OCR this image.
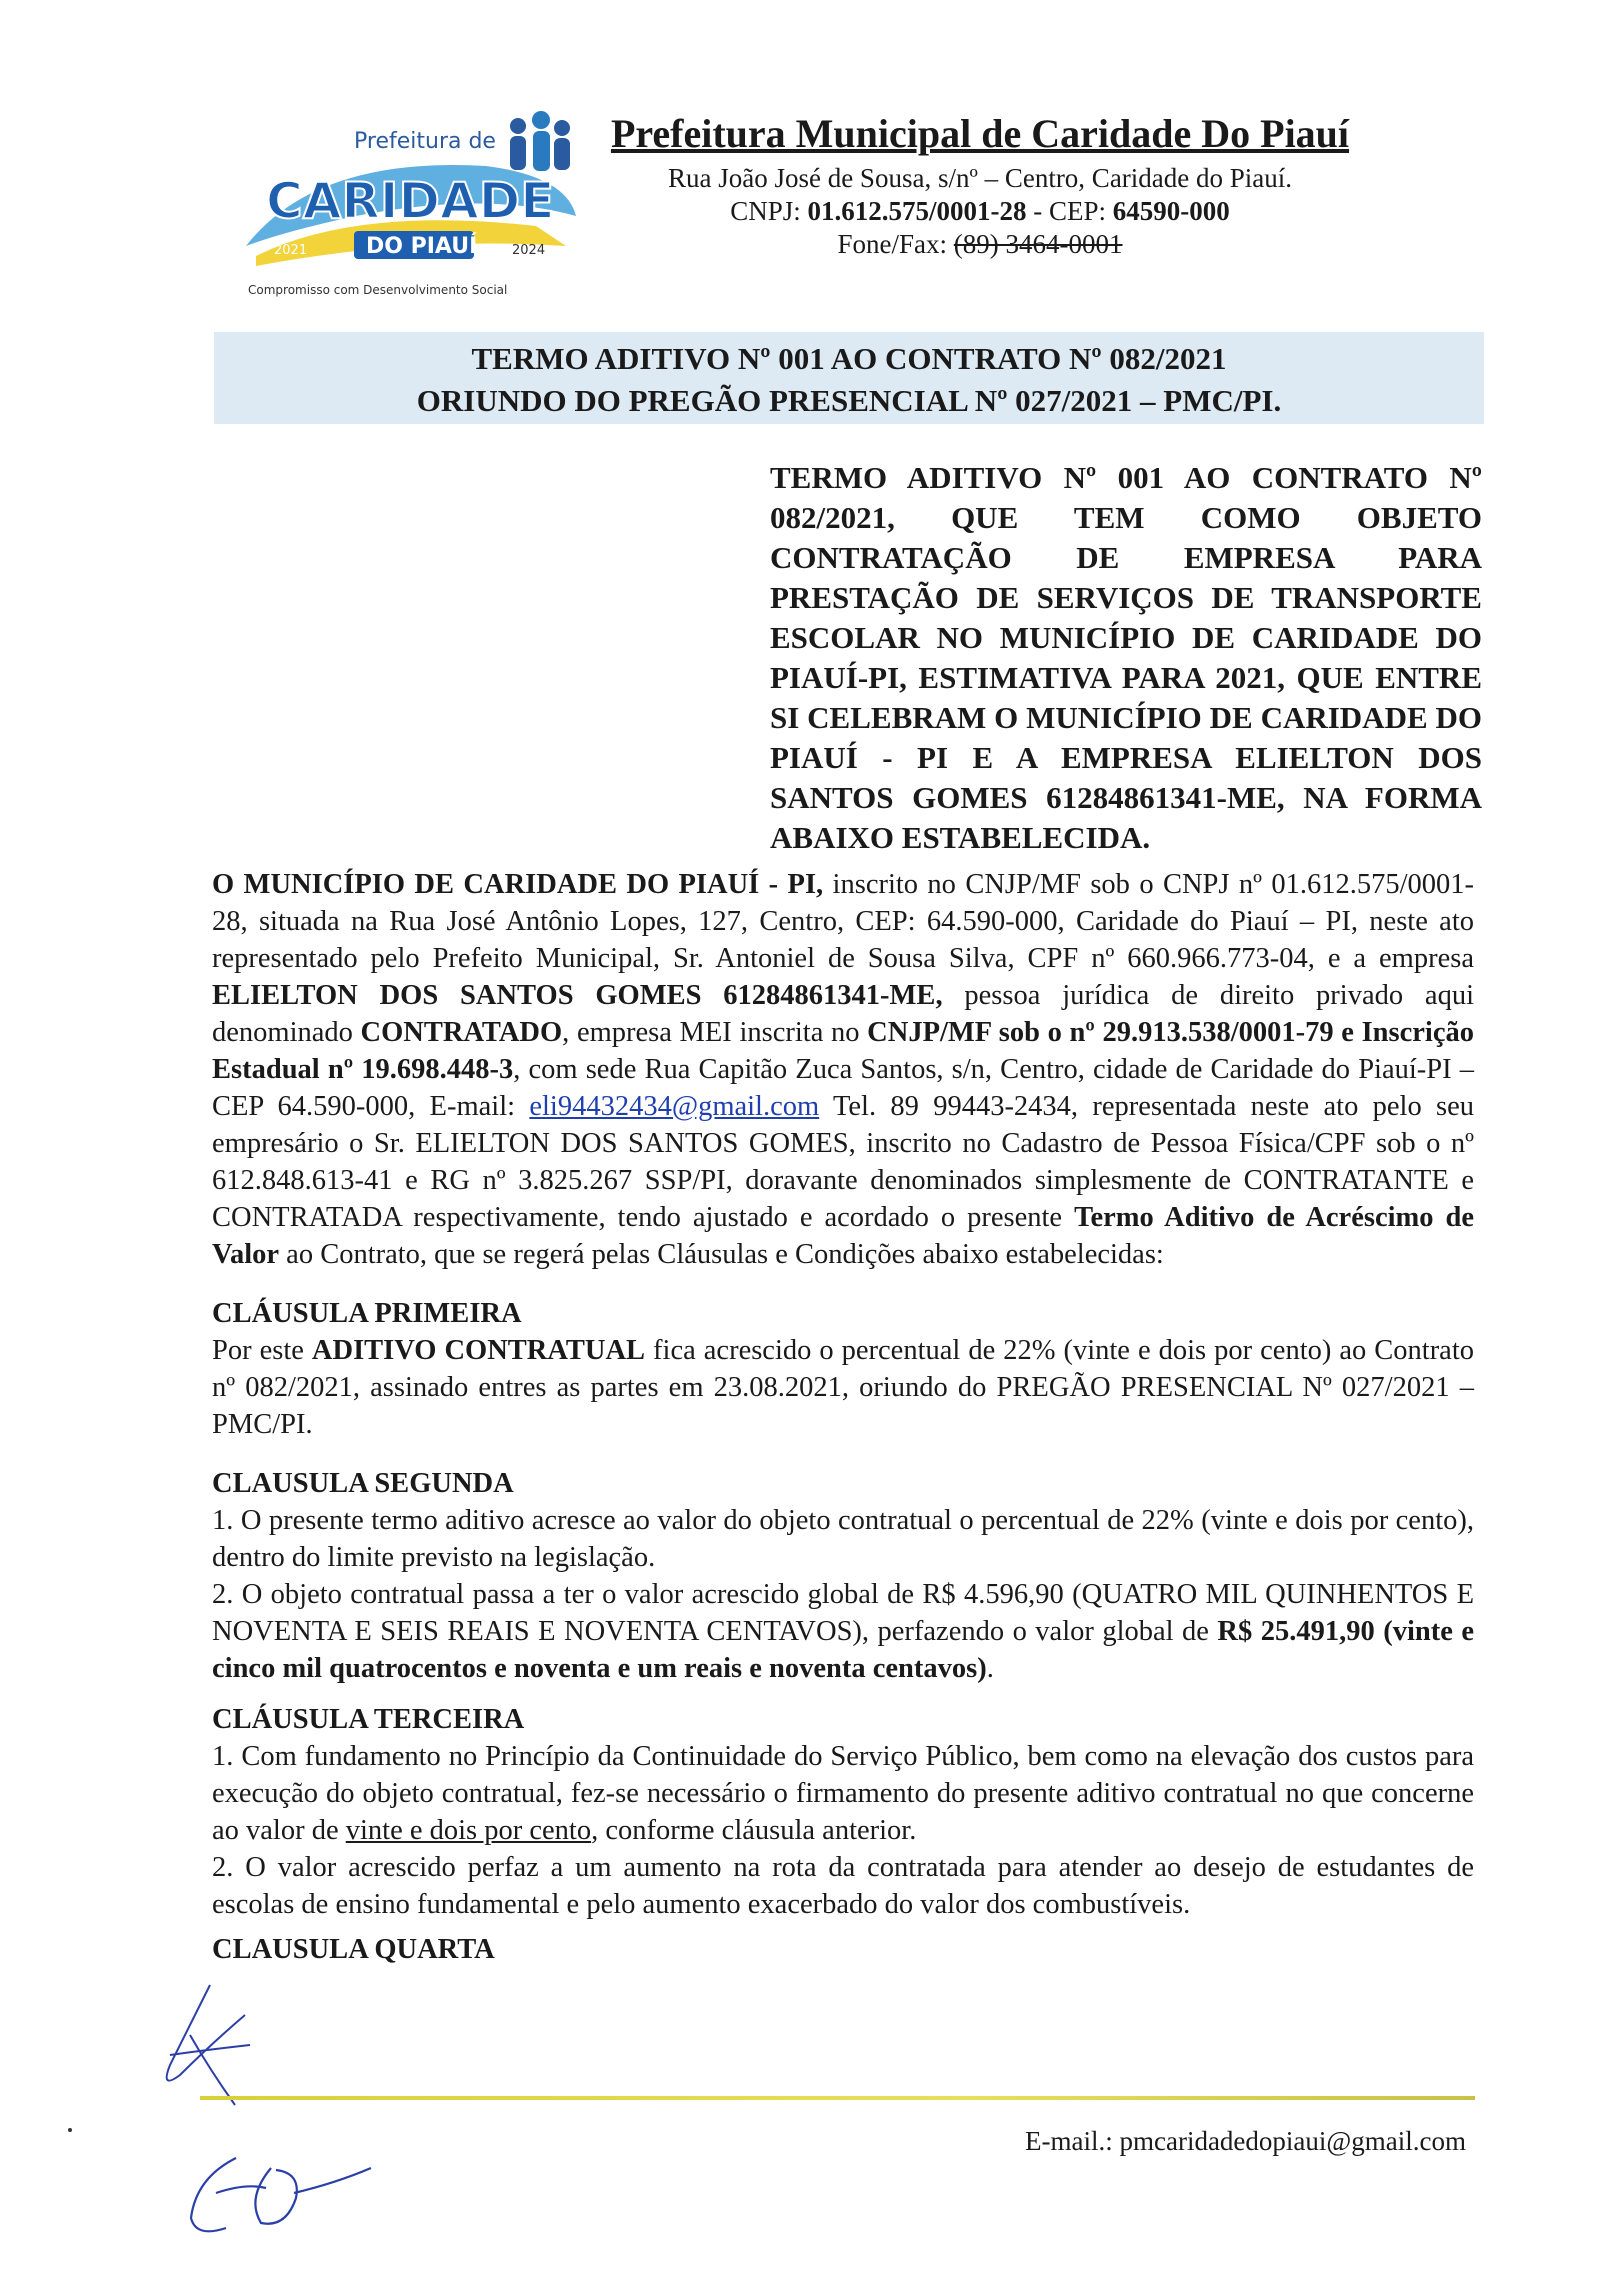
Prefeitura de
CARIDADE
DO PIAUÍ
2021	2024
Compromisso com Desenvolvimento Social
Prefeitura Municipal de Caridade Do Piauí
Rua João José de Sousa, s/nº – Centro, Caridade do Piauí.
CNPJ: 01.612.575/0001-28 - CEP: 64590-000
Fone/Fax: (89) 3464-0001
TERMO ADITIVO Nº 001 AO CONTRATO Nº 082/2021
ORIUNDO DO PREGÃO PRESENCIAL Nº 027/2021 – PMC/PI.
TERMO ADITIVO Nº 001 AO CONTRATO Nº 082/2021, QUE TEM COMO OBJETO CONTRATAÇÃO DE EMPRESA PARA PRESTAÇÃO DE SERVIÇOS DE TRANSPORTE ESCOLAR NO MUNICÍPIO DE CARIDADE DO PIAUÍ-PI, ESTIMATIVA PARA 2021, QUE ENTRE SI CELEBRAM O MUNICÍPIO DE CARIDADE DO PIAUÍ - PI E A EMPRESA ELIELTON DOS SANTOS GOMES 61284861341-ME, NA FORMA ABAIXO ESTABELECIDA.

O MUNICÍPIO DE CARIDADE DO PIAUÍ - PI, inscrito no CNJP/MF sob o CNPJ nº 01.612.575/0001-28, situada na Rua José Antônio Lopes, 127, Centro, CEP: 64.590-000, Caridade do Piauí – PI, neste ato representado pelo Prefeito Municipal, Sr. Antoniel de Sousa Silva, CPF nº 660.966.773-04, e a empresa ELIELTON DOS SANTOS GOMES 61284861341-ME, pessoa jurídica de direito privado aqui denominado CONTRATADO, empresa MEI inscrita no CNJP/MF sob o nº 29.913.538/0001-79 e Inscrição Estadual nº 19.698.448-3, com sede Rua Capitão Zuca Santos, s/n, Centro, cidade de Caridade do Piauí-PI – CEP 64.590-000, E-mail: eli94432434@gmail.com Tel. 89 99443-2434, representada neste ato pelo seu empresário o Sr. ELIELTON DOS SANTOS GOMES, inscrito no Cadastro de Pessoa Física/CPF sob o nº 612.848.613-41 e RG nº 3.825.267 SSP/PI, doravante denominados simplesmente de CONTRATANTE e CONTRATADA respectivamente, tendo ajustado e acordado o presente Termo Aditivo de Acréscimo de Valor ao Contrato, que se regerá pelas Cláusulas e Condições abaixo estabelecidas:

CLÁUSULA PRIMEIRA

Por este ADITIVO CONTRATUAL fica acrescido o percentual de 22% (vinte e dois por cento) ao Contrato nº 082/2021, assinado entres as partes em 23.08.2021, oriundo do PREGÃO PRESENCIAL Nº 027/2021 – PMC/PI.

CLAUSULA SEGUNDA

1. O presente termo aditivo acresce ao valor do objeto contratual o percentual de 22% (vinte e dois por cento), dentro do limite previsto na legislação.

2. O objeto contratual passa a ter o valor acrescido global de R$ 4.596,90 (QUATRO MIL QUINHENTOS E NOVENTA E SEIS REAIS E NOVENTA CENTAVOS), perfazendo o valor global de R$ 25.491,90 (vinte e cinco mil quatrocentos e noventa e um reais e noventa centavos).

CLÁUSULA TERCEIRA

1. Com fundamento no Princípio da Continuidade do Serviço Público, bem como na elevação dos custos para execução do objeto contratual, fez-se necessário o firmamento do presente aditivo contratual no que concerne ao valor de vinte e dois por cento, conforme cláusula anterior.

2. O valor acrescido perfaz a um aumento na rota da contratada para atender ao desejo de estudantes de escolas de ensino fundamental e pelo aumento exacerbado do valor dos combustíveis.

CLAUSULA QUARTA

E-mail.: pmcaridadedopiaui@gmail.com
